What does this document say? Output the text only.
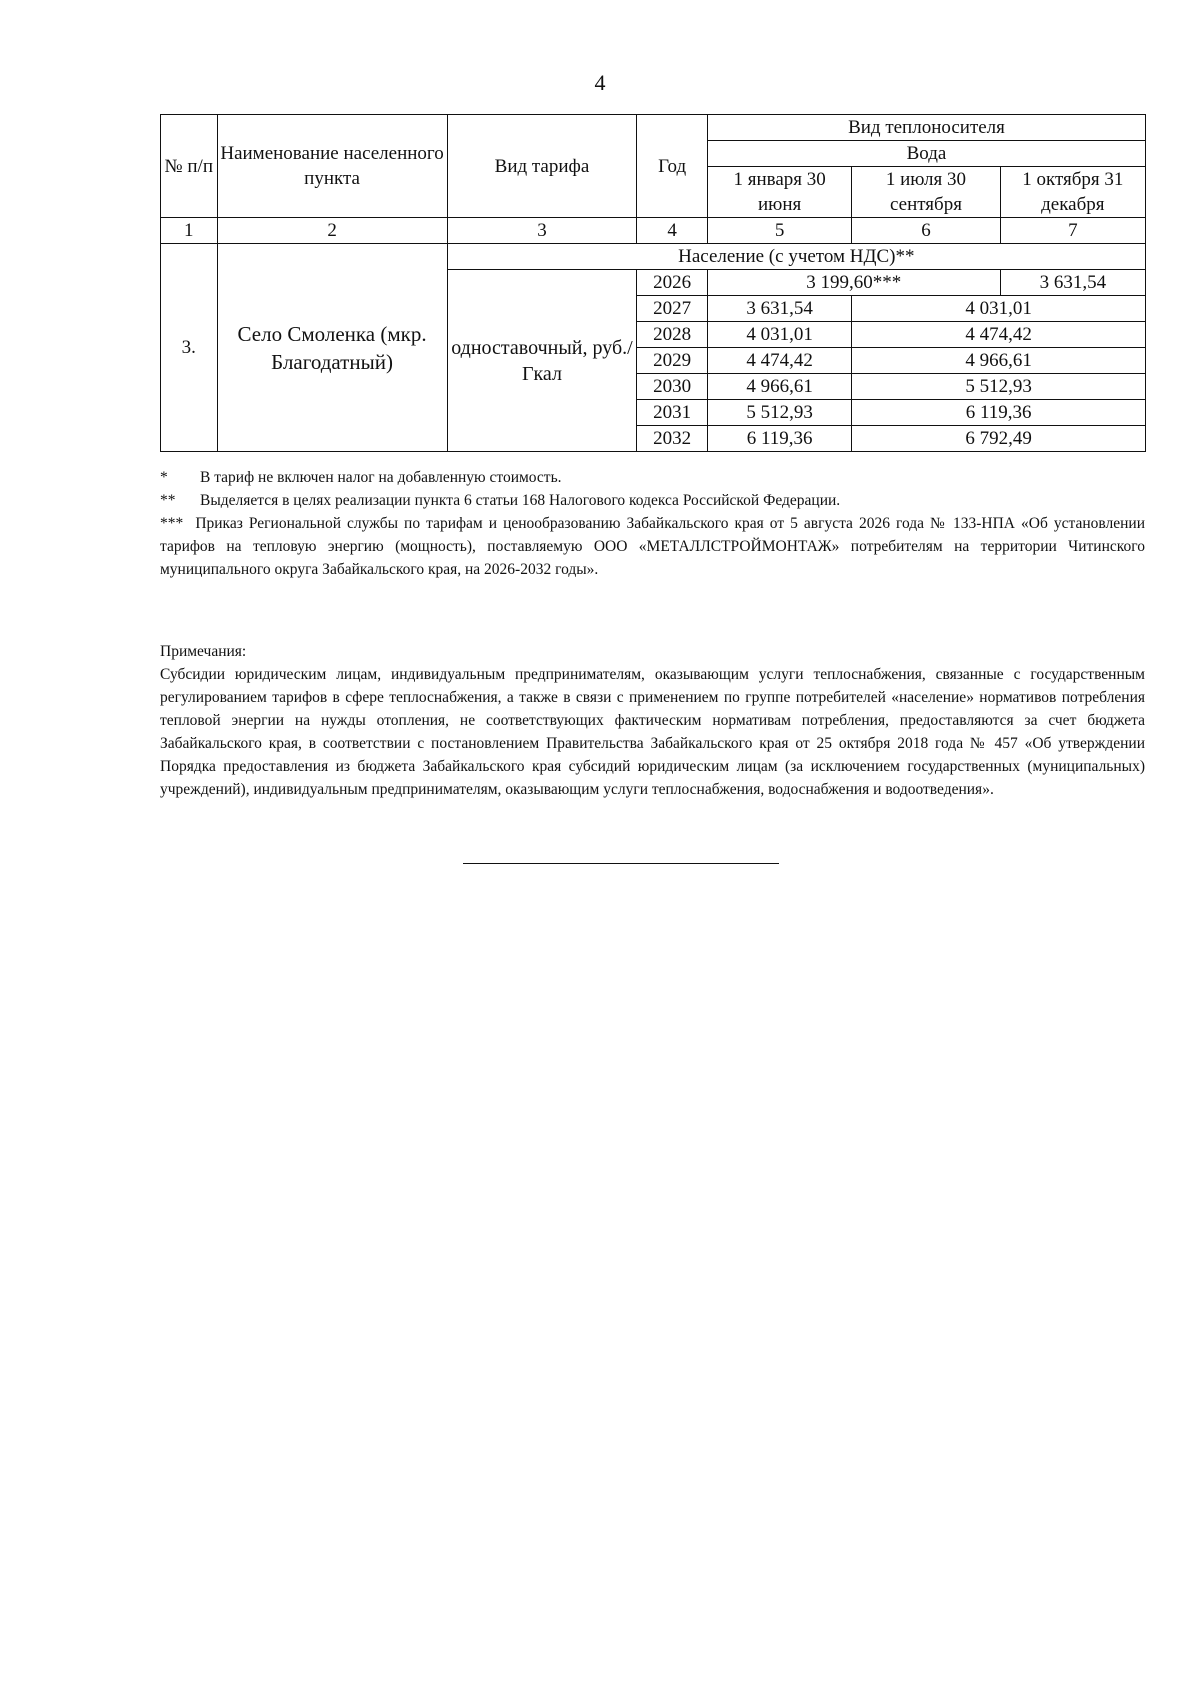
4
№ п/п	Наименование населенного пункта	Вид тарифа	Год	Вид теплоносителя		
				Вода		
				1 января 30 июня	1 июля 30 сентября	1 октября 31 декабря
1	2	3	4	5	6	7
3.	Село Смоленка (мкр. Благодатный)	Население (с учетом НДС)**				
		одноставочный, руб./Гкал	2026	3 199,60***		3 631,54
			2027	3 631,54	4 031,01	
			2028	4 031,01	4 474,42	
			2029	4 474,42	4 966,61	
			2030	4 966,61	5 512,93	
			2031	5 512,93	6 119,36	
			2032	6 119,36	6 792,49	
* В тариф не включен налог на добавленную стоимость.
** Выделяется в целях реализации пункта 6 статьи 168 Налогового кодекса Российской Федерации.
*** Приказ Региональной службы по тарифам и ценообразованию Забайкальского края от 5 августа 2026 года № 133-НПА «Об установлении тарифов на тепловую энергию (мощность), поставляемую ООО «МЕТАЛЛСТРОЙМОНТАЖ» потребителям на территории Читинского муниципального округа Забайкальского края, на 2026-2032 годы».
Примечания:
Субсидии юридическим лицам, индивидуальным предпринимателям, оказывающим услуги теплоснабжения, связанные с государственным регулированием тарифов в сфере теплоснабжения, а также в связи с применением по группе потребителей «население» нормативов потребления тепловой энергии на нужды отопления, не соответствующих фактическим нормативам потребления, предоставляются за счет бюджета Забайкальского края, в соответствии с постановлением Правительства Забайкальского края от 25 октября 2018 года № 457 «Об утверждении Порядка предоставления из бюджета Забайкальского края субсидий юридическим лицам (за исключением государственных (муниципальных) учреждений), индивидуальным предпринимателям, оказывающим услуги теплоснабжения, водоснабжения и водоотведения».
